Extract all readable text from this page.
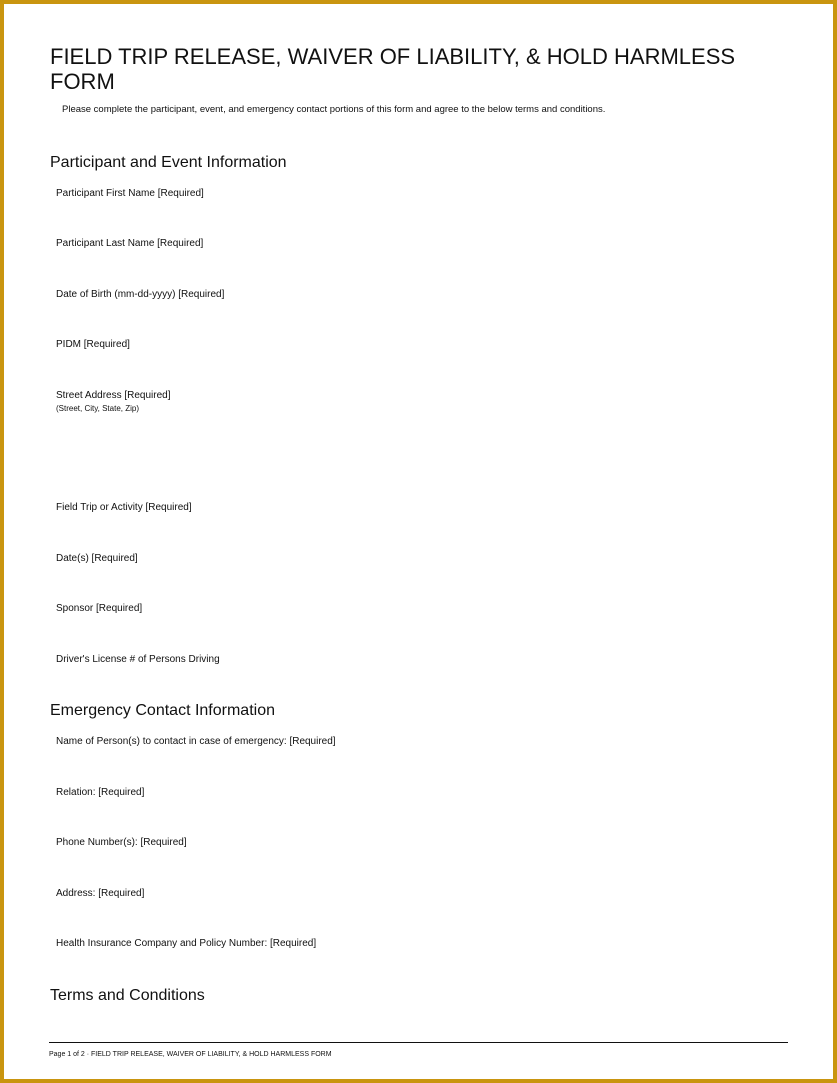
FIELD TRIP RELEASE, WAIVER OF LIABILITY, & HOLD HARMLESS FORM
Please complete the participant, event, and emergency contact portions of this form and agree to the below terms and conditions.
Participant and Event Information
Participant First Name [Required]
Participant Last Name [Required]
Date of Birth (mm-dd-yyyy) [Required]
PIDM [Required]
Street Address [Required]
(Street, City, State, Zip)
Field Trip or Activity [Required]
Date(s) [Required]
Sponsor [Required]
Driver's License # of Persons Driving
Emergency Contact Information
Name of Person(s) to contact in case of emergency: [Required]
Relation: [Required]
Phone Number(s): [Required]
Address: [Required]
Health Insurance Company and Policy Number: [Required]
Terms and Conditions
Page 1 of 2 · FIELD TRIP RELEASE, WAIVER OF LIABILITY, & HOLD HARMLESS FORM
